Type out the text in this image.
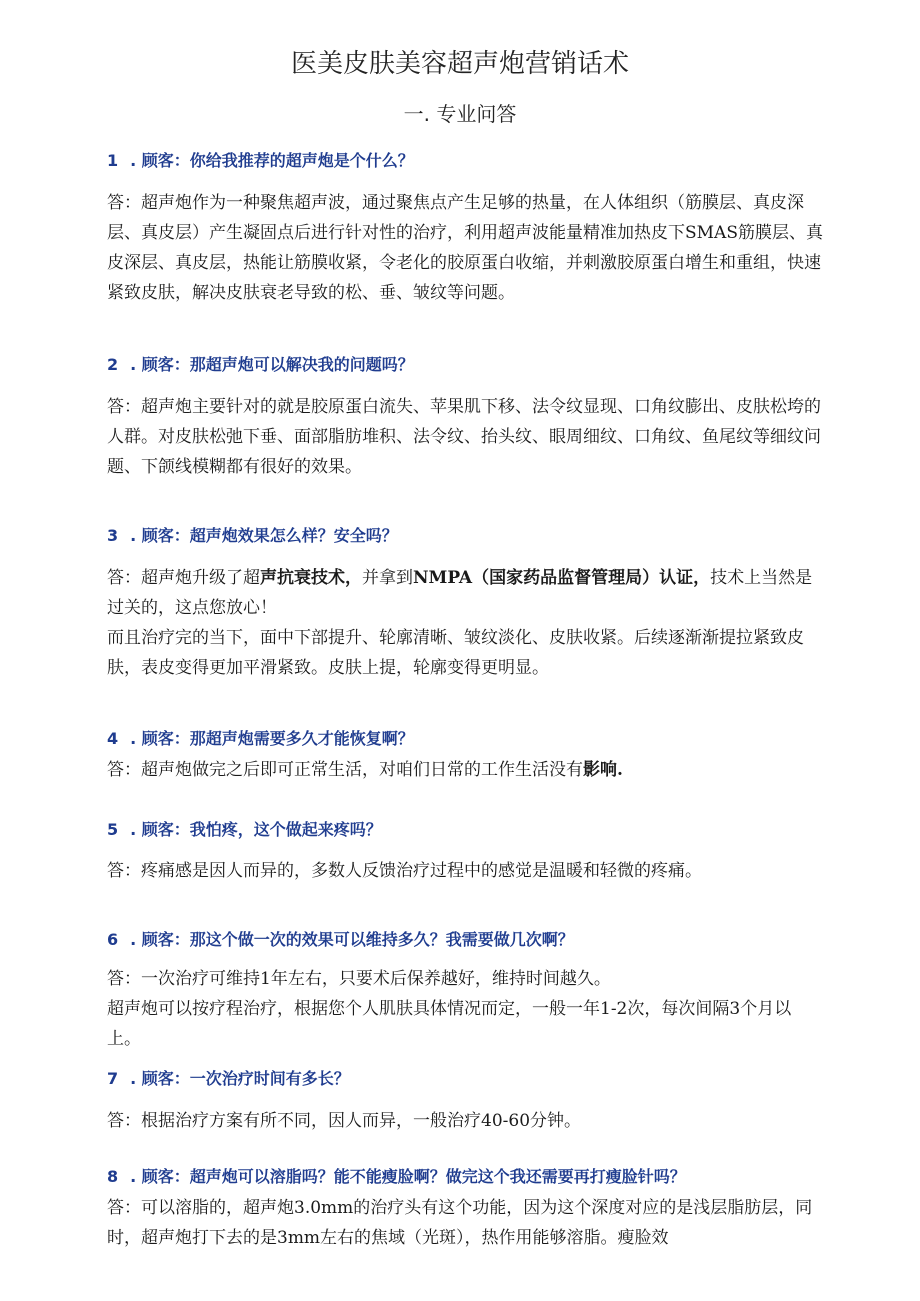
医美皮肤美容超声炮营销话术
一. 专业问答
1 . 顾客：你给我推荐的超声炮是个什么？

答：超声炮作为一种聚焦超声波，通过聚焦点产生足够的热量，在人体组织（筋膜层、真皮深层、真皮层）产生凝固点后进行针对性的治疗，利用超声波能量精准加热皮下SMAS筋膜层、真皮深层、真皮层，热能让筋膜收紧，令老化的胶原蛋白收缩，并刺激胶原蛋白增生和重组，快速紧致皮肤，解决皮肤衰老导致的松、垂、皱纹等问题。

2 . 顾客：那超声炮可以解决我的问题吗？

答：超声炮主要针对的就是胶原蛋白流失、苹果肌下移、法令纹显现、口角纹膨出、皮肤松垮的人群。对皮肤松弛下垂、面部脂肪堆积、法令纹、抬头纹、眼周细纹、口角纹、鱼尾纹等细纹问题、下颌线模糊都有很好的效果。

3 . 顾客：超声炮效果怎么样？安全吗？

答：超声炮升级了超声抗衰技术，并拿到NMPA（国家药品监督管理局）认证，技术上当然是过关的，这点您放心！

而且治疗完的当下，面中下部提升、轮廓清晰、皱纹淡化、皮肤收紧。后续逐渐渐提拉紧致皮肤，表皮变得更加平滑紧致。皮肤上提，轮廓变得更明显。

4 . 顾客：那超声炮需要多久才能恢复啊？

答：超声炮做完之后即可正常生活，对咱们日常的工作生活没有影响.

5 . 顾客：我怕疼，这个做起来疼吗？

答：疼痛感是因人而异的，多数人反馈治疗过程中的感觉是温暖和轻微的疼痛。

6 . 顾客：那这个做一次的效果可以维持多久？我需要做几次啊？

答：一次治疗可维持1年左右，只要术后保养越好，维持时间越久。

超声炮可以按疗程治疗，根据您个人肌肤具体情况而定，一般一年1-2次，每次间隔3个月以上。

7 . 顾客：一次治疗时间有多长？

答：根据治疗方案有所不同，因人而异，一般治疗40-60分钟。

8 . 顾客：超声炮可以溶脂吗？能不能瘦脸啊？做完这个我还需要再打瘦脸针吗？

答：可以溶脂的，超声炮3.0mm的治疗头有这个功能，因为这个深度对应的是浅层脂肪层，同时，超声炮打下去的是3mm左右的焦域（光斑），热作用能够溶脂。瘦脸效
